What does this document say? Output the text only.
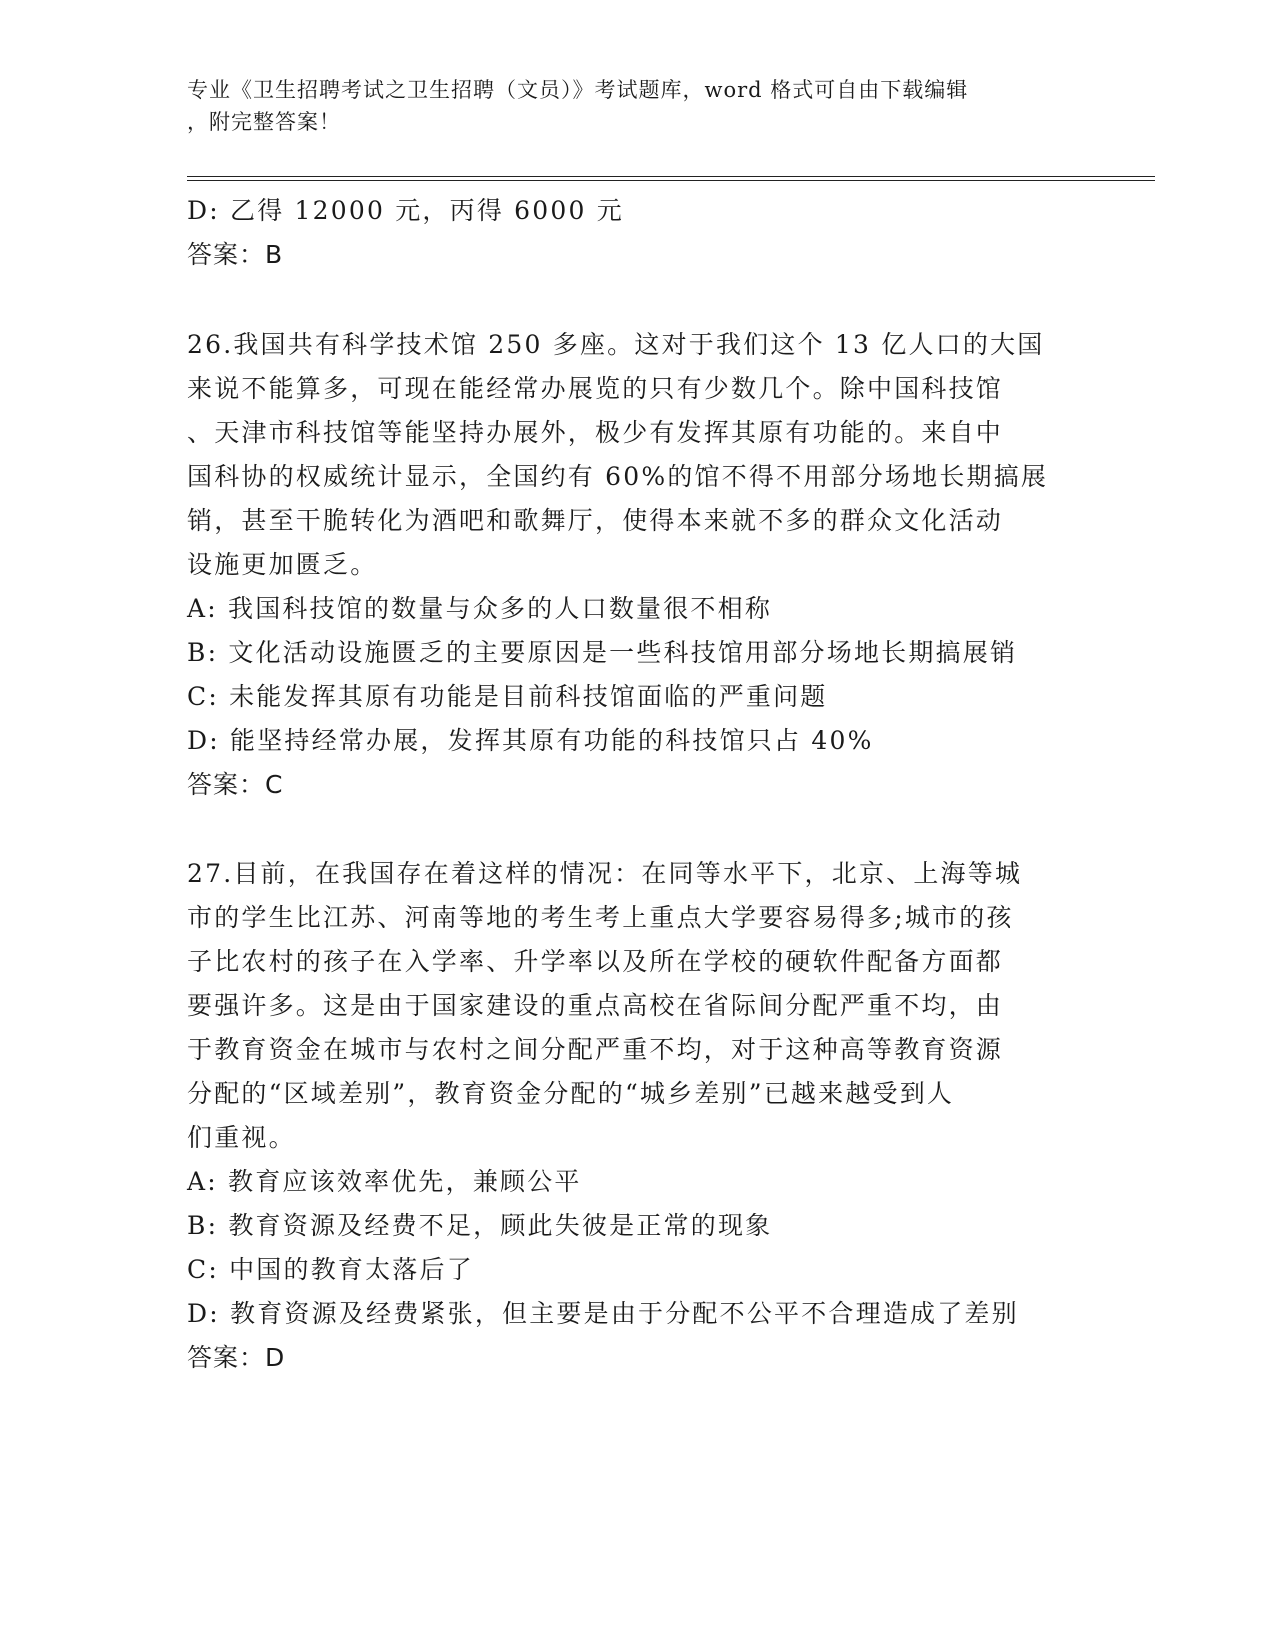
专业《卫生招聘考试之卫生招聘（文员）》考试题库，word 格式可自由下载编辑
，附完整答案！
D: 乙得 12000 元，丙得 6000 元
答案：B
26.我国共有科学技术馆 250 多座。这对于我们这个 13 亿人口的大国
来说不能算多，可现在能经常办展览的只有少数几个。除中国科技馆
、天津市科技馆等能坚持办展外，极少有发挥其原有功能的。来自中
国科协的权威统计显示，全国约有 60%的馆不得不用部分场地长期搞展
销，甚至干脆转化为酒吧和歌舞厅，使得本来就不多的群众文化活动
设施更加匮乏。
A: 我国科技馆的数量与众多的人口数量很不相称
B: 文化活动设施匮乏的主要原因是一些科技馆用部分场地长期搞展销
C: 未能发挥其原有功能是目前科技馆面临的严重问题
D: 能坚持经常办展，发挥其原有功能的科技馆只占 40%
答案：C
27.目前，在我国存在着这样的情况：在同等水平下，北京、上海等城
市的学生比江苏、河南等地的考生考上重点大学要容易得多;城市的孩
子比农村的孩子在入学率、升学率以及所在学校的硬软件配备方面都
要强许多。这是由于国家建设的重点高校在省际间分配严重不均，由
于教育资金在城市与农村之间分配严重不均，对于这种高等教育资源
分配的“区域差别”，教育资金分配的“城乡差别”已越来越受到人
们重视。
A: 教育应该效率优先，兼顾公平
B: 教育资源及经费不足，顾此失彼是正常的现象
C: 中国的教育太落后了
D: 教育资源及经费紧张，但主要是由于分配不公平不合理造成了差别
答案：D
